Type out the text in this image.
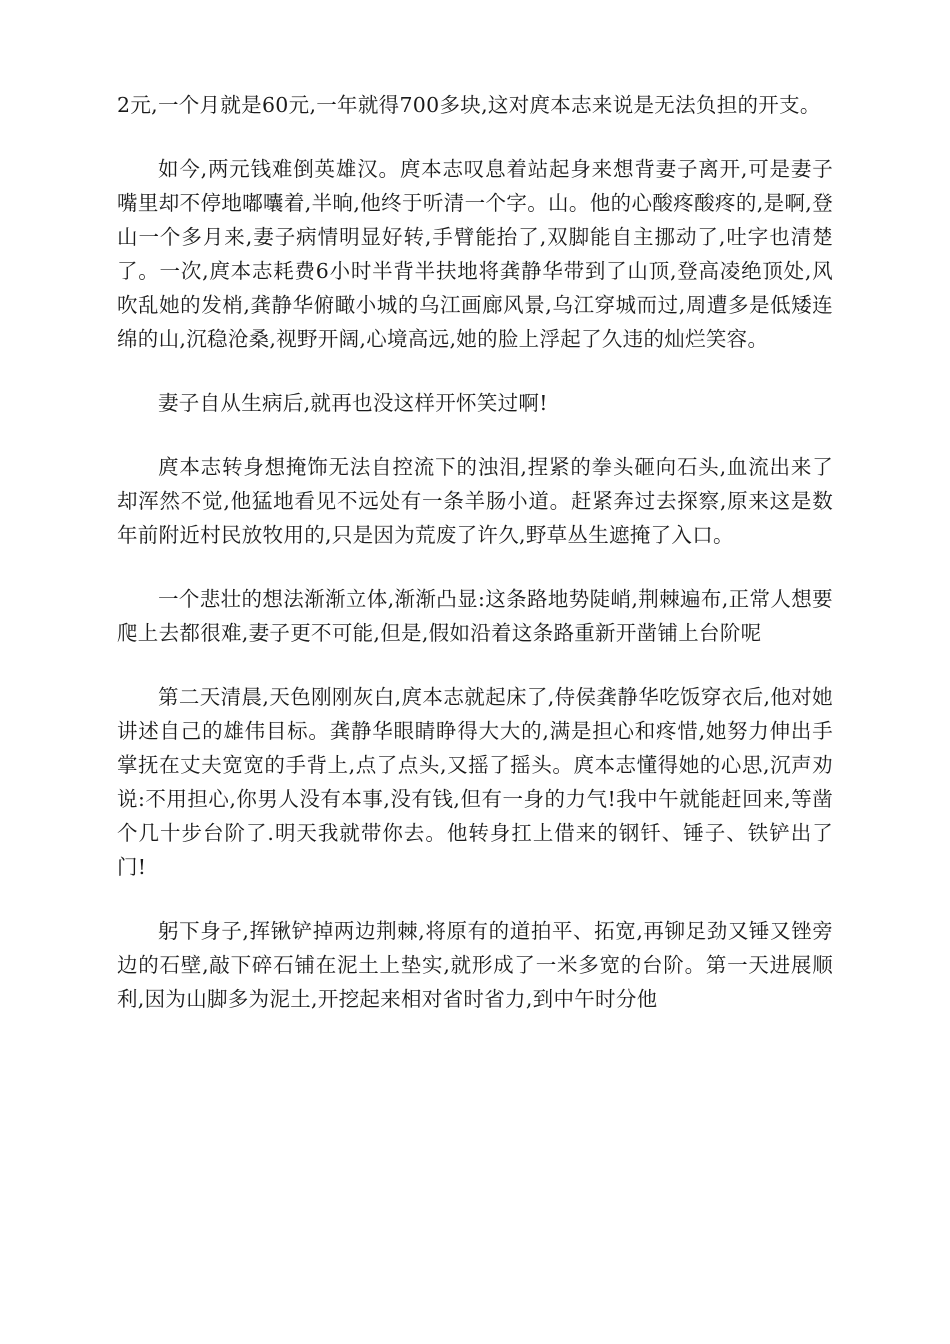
2元,一个月就是60元,一年就得700多块,这对庹本志来说是无法负担的开支。

如今,两元钱难倒英雄汉。庹本志叹息着站起身来想背妻子离开,可是妻子嘴里却不停地嘟囔着,半晌,他终于听清一个字。山。他的心酸疼酸疼的,是啊,登山一个多月来,妻子病情明显好转,手臂能抬了,双脚能自主挪动了,吐字也清楚了。一次,庹本志耗费6小时半背半扶地将龚静华带到了山顶,登高凌绝顶处,风吹乱她的发梢,龚静华俯瞰小城的乌江画廊风景,乌江穿城而过,周遭多是低矮连绵的山,沉稳沧桑,视野开阔,心境高远,她的脸上浮起了久违的灿烂笑容。

妻子自从生病后,就再也没这样开怀笑过啊!

庹本志转身想掩饰无法自控流下的浊泪,捏紧的拳头砸向石头,血流出来了却浑然不觉,他猛地看见不远处有一条羊肠小道。赶紧奔过去探察,原来这是数年前附近村民放牧用的,只是因为荒废了许久,野草丛生遮掩了入口。

一个悲壮的想法渐渐立体,渐渐凸显:这条路地势陡峭,荆棘遍布,正常人想要爬上去都很难,妻子更不可能,但是,假如沿着这条路重新开凿铺上台阶呢

第二天清晨,天色刚刚灰白,庹本志就起床了,侍侯龚静华吃饭穿衣后,他对她讲述自己的雄伟目标。龚静华眼睛睁得大大的,满是担心和疼惜,她努力伸出手掌抚在丈夫宽宽的手背上,点了点头,又摇了摇头。庹本志懂得她的心思,沉声劝说:不用担心,你男人没有本事,没有钱,但有一身的力气!我中午就能赶回来,等凿个几十步台阶了.明天我就带你去。他转身扛上借来的钢钎、锤子、铁铲出了门!

躬下身子,挥锹铲掉两边荆棘,将原有的道拍平、拓宽,再铆足劲又锤又锉旁边的石壁,敲下碎石铺在泥土上垫实,就形成了一米多宽的台阶。第一天进展顺利,因为山脚多为泥土,开挖起来相对省时省力,到中午时分他
